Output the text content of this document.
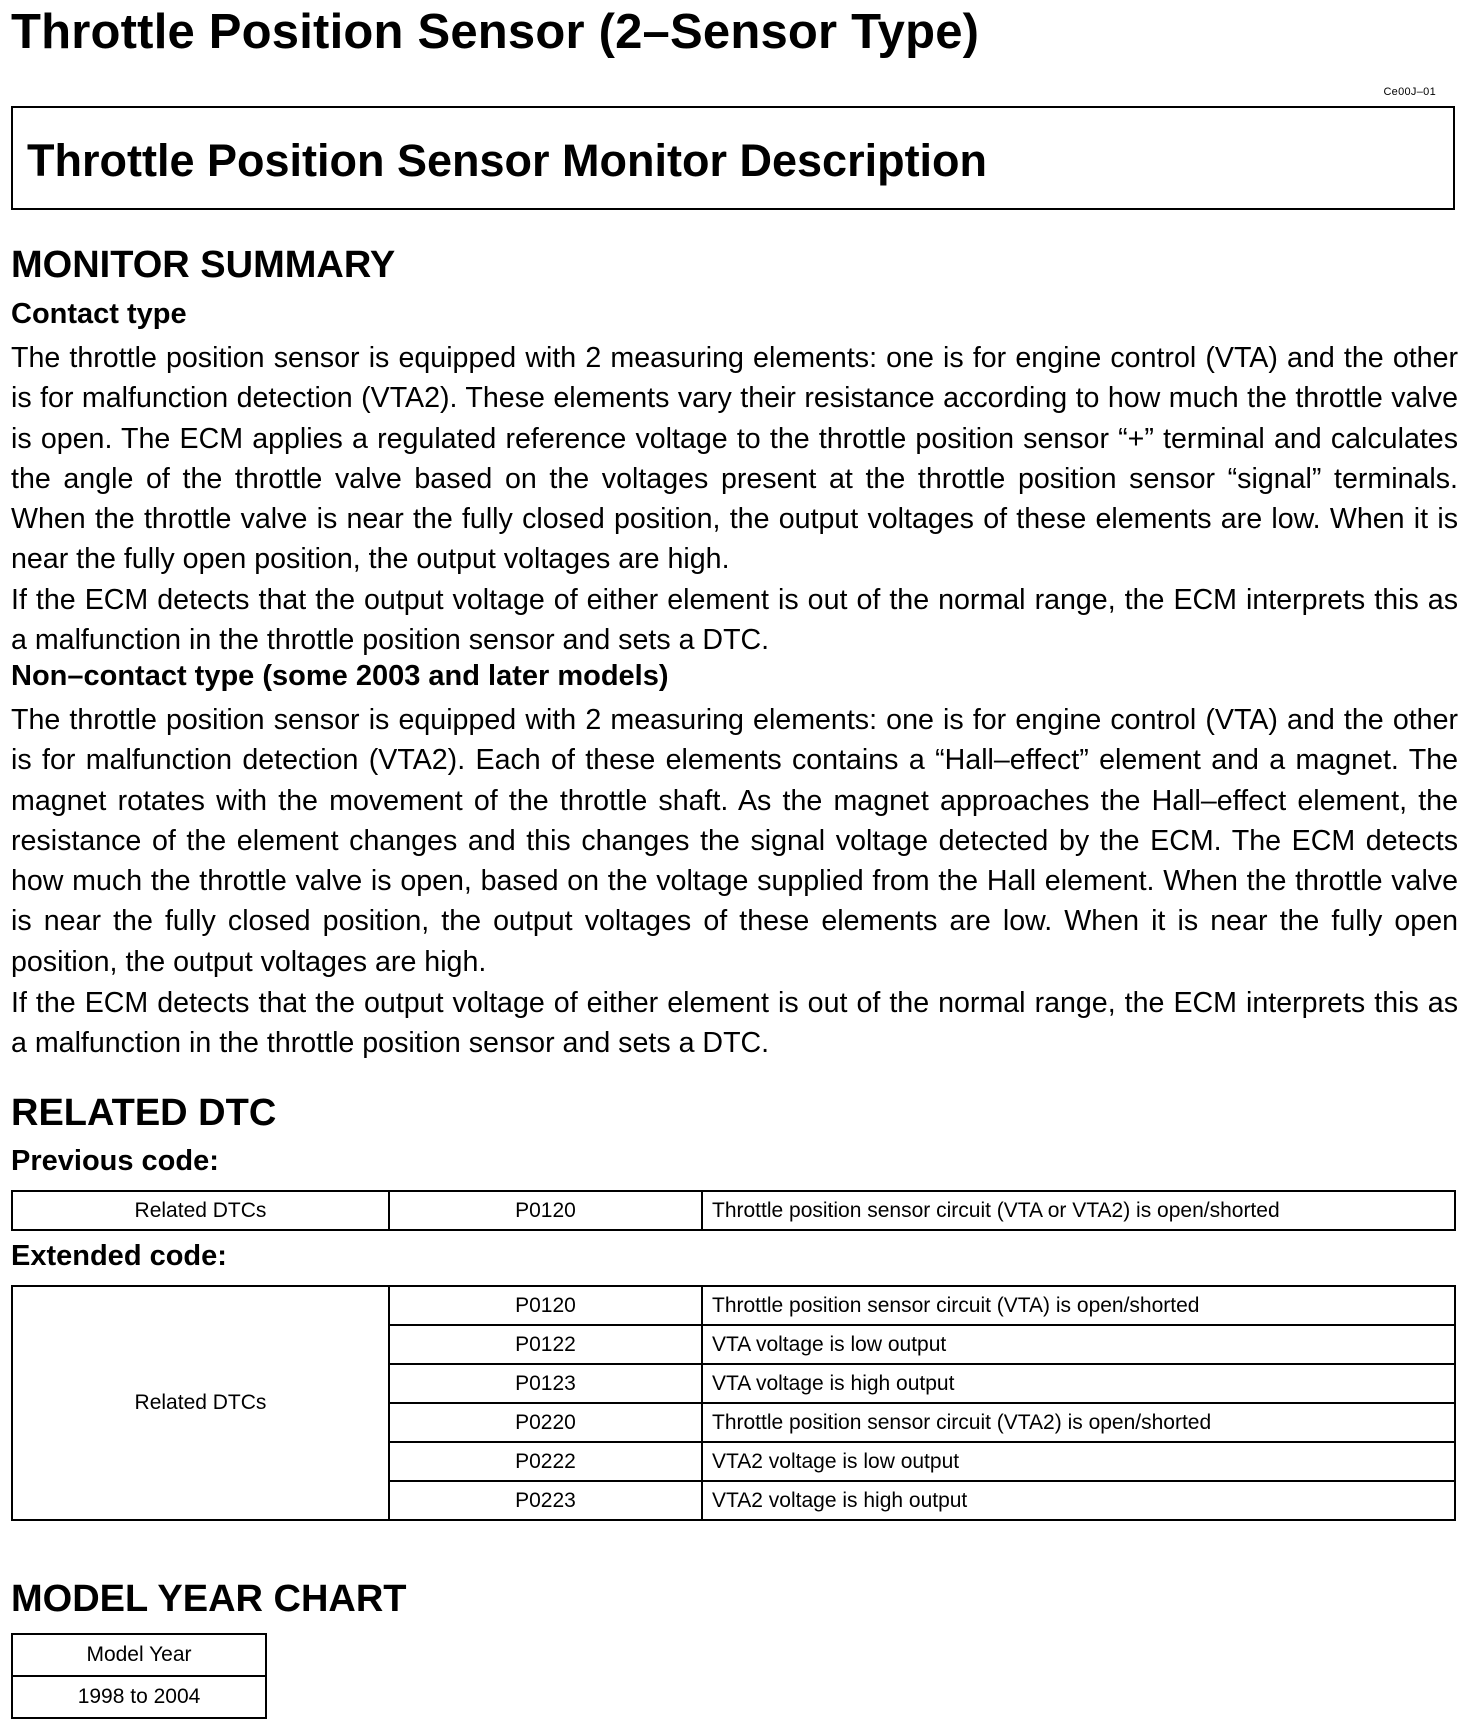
Throttle Position Sensor (2–Sensor Type)
Ce00J–01
Throttle Position Sensor Monitor Description
MONITOR SUMMARY
Contact type

The throttle position sensor is equipped with 2 measuring elements: one is for engine control (VTA) and the other is for malfunction detection (VTA2). These elements vary their resistance according to how much the throttle valve is open. The ECM applies a regulated reference voltage to the throttle position sensor “+” terminal and calculates the angle of the throttle valve based on the voltages present at the throttle position sensor “signal” terminals. When the throttle valve is near the fully closed position, the output voltages of these elements are low. When it is near the fully open position, the output voltages are high.

If the ECM detects that the output voltage of either element is out of the normal range, the ECM interprets this as a malfunction in the throttle position sensor and sets a DTC.

Non–contact type (some 2003 and later models)

The throttle position sensor is equipped with 2 measuring elements: one is for engine control (VTA) and the other is for malfunction detection (VTA2). Each of these elements contains a “Hall–effect” element and a magnet. The magnet rotates with the movement of the throttle shaft. As the magnet approaches the Hall–effect element, the resistance of the element changes and this changes the signal voltage detected by the ECM. The ECM detects how much the throttle valve is open, based on the voltage supplied from the Hall element. When the throttle valve is near the fully closed position, the output voltages of these elements are low. When it is near the fully open position, the output voltages are high.

If the ECM detects that the output voltage of either element is out of the normal range, the ECM interprets this as a malfunction in the throttle position sensor and sets a DTC.

RELATED DTC
Previous code:
Related DTCs	P0120	Throttle position sensor circuit (VTA or VTA2) is open/shorted
Extended code:
Related DTCs	P0120	Throttle position sensor circuit (VTA) is open/shorted
	P0122	VTA voltage is low output
	P0123	VTA voltage is high output
	P0220	Throttle position sensor circuit (VTA2) is open/shorted
	P0222	VTA2 voltage is low output
	P0223	VTA2 voltage is high output
MODEL YEAR CHART
Model Year
1998 to 2004
